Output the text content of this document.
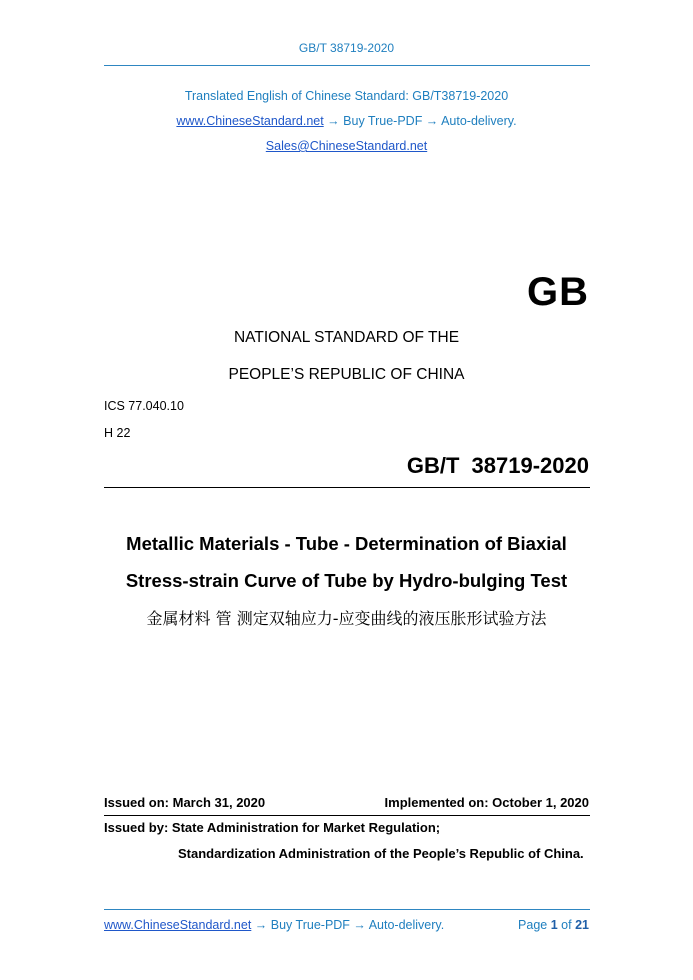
GB/T 38719-2020
Translated English of Chinese Standard: GB/T38719-2020
www.ChineseStandard.net → Buy True-PDF → Auto-delivery.
Sales@ChineseStandard.net
GB
NATIONAL STANDARD OF THE
PEOPLE’S REPUBLIC OF CHINA
ICS 77.040.10
H 22
GB/T 38719-2020
Metallic Materials - Tube - Determination of Biaxial
Stress-strain Curve of Tube by Hydro-bulging Test
金属材料 管 测定双轴应力-应变曲线的液压胀形试验方法
Issued on: March 31, 2020	Implemented on: October 1, 2020
Issued by: State Administration for Market Regulation;
Standardization Administration of the People’s Republic of China.
www.ChineseStandard.net → Buy True-PDF → Auto-delivery.	Page 1 of 21
